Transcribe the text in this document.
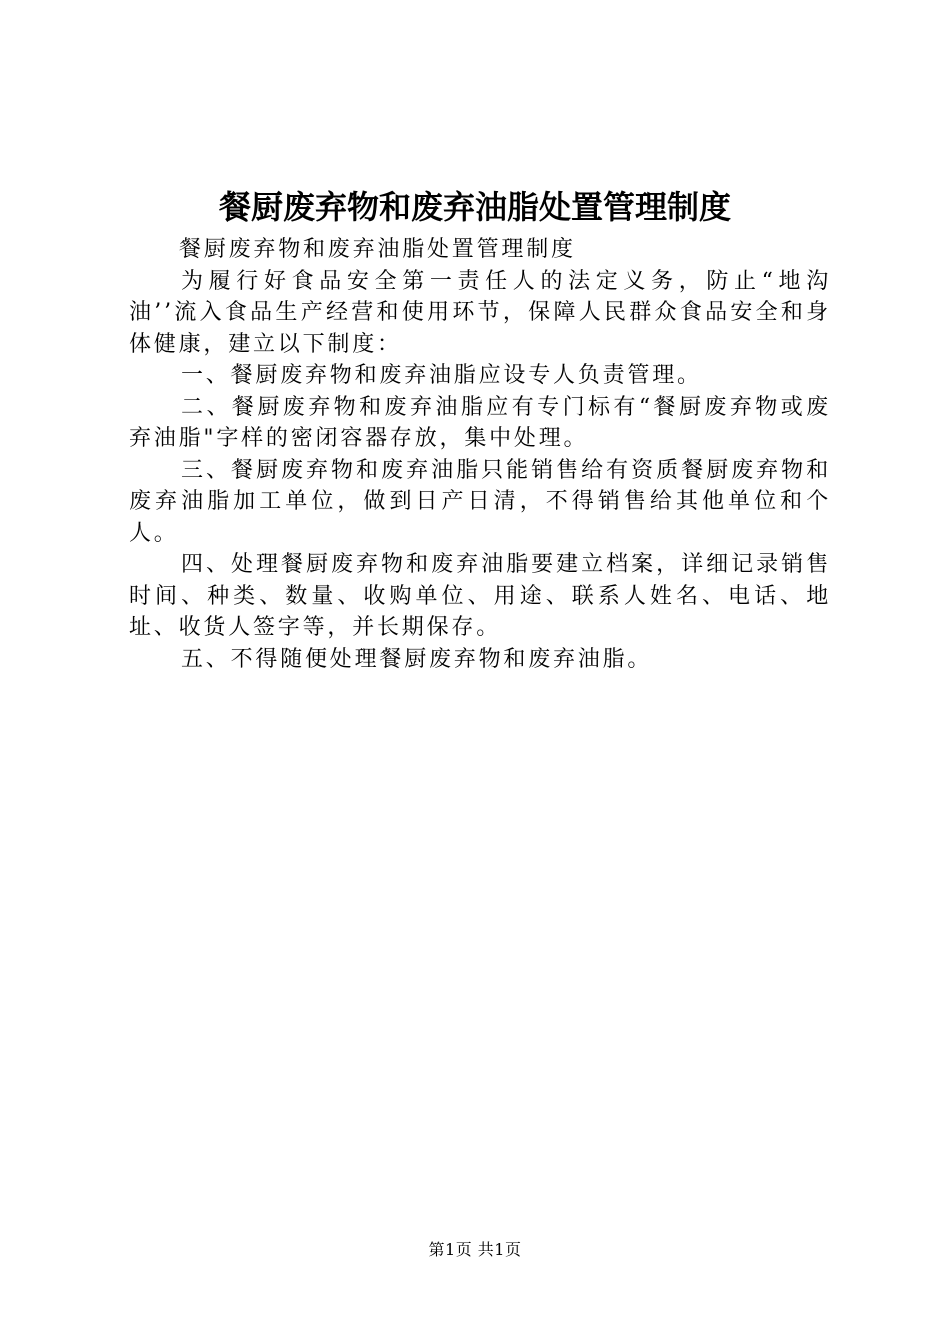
餐厨废弃物和废弃油脂处置管理制度

餐厨废弃物和废弃油脂处置管理制度

为履行好食品安全第一责任人的法定义务，防止“地沟油’’流入食品生产经营和使用环节，保障人民群众食品安全和身体健康，建立以下制度：

一、餐厨废弃物和废弃油脂应设专人负责管理。

二、餐厨废弃物和废弃油脂应有专门标有“餐厨废弃物或废弃油脂"字样的密闭容器存放，集中处理。

三、餐厨废弃物和废弃油脂只能销售给有资质餐厨废弃物和废弃油脂加工单位，做到日产日清，不得销售给其他单位和个人。

四、处理餐厨废弃物和废弃油脂要建立档案，详细记录销售时间、种类、数量、收购单位、用途、联系人姓名、电话、地址、收货人签字等，并长期保存。

五、不得随便处理餐厨废弃物和废弃油脂。

第1页 共1页
